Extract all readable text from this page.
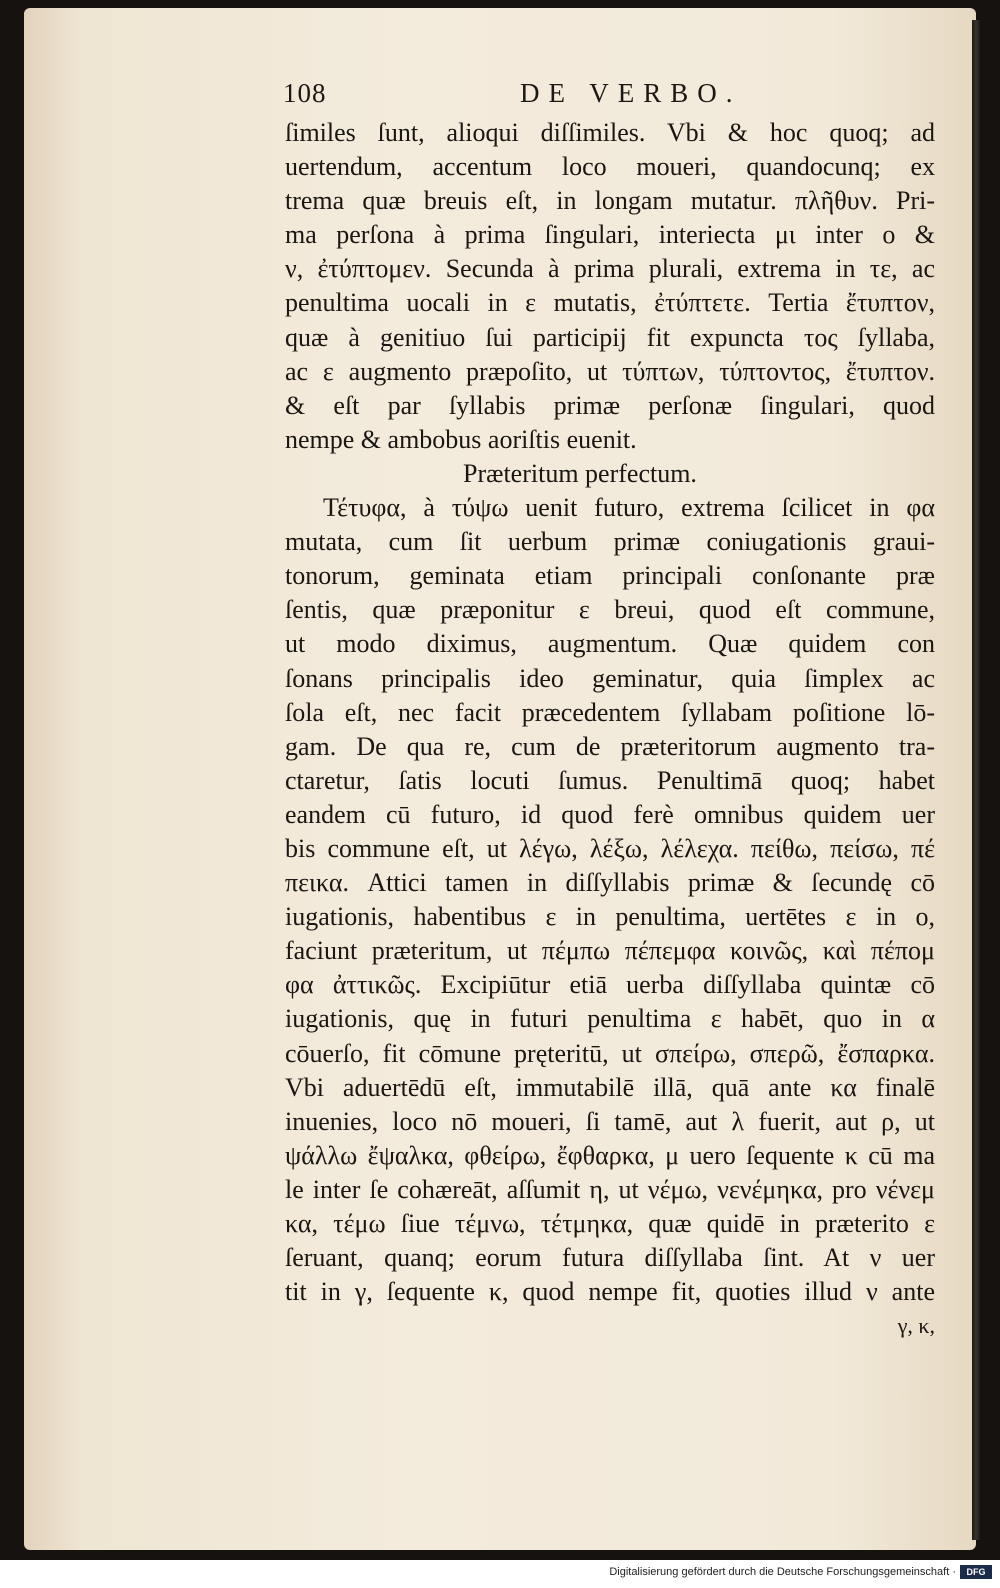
108	DE VERBO.
ſimiles ſunt, alioqui diſſimiles. Vbi & hoc quoq; ad
uertendum, accentum loco moueri, quandocunq; ex
trema quæ breuis eſt, in longam mutatur. πλῆθυν. Pri-
ma perſona à prima ſingulari, interiecta μι inter ο &
ν, ἐτύπτομεν. Secunda à prima plurali, extrema in τε, ac
penultima uocali in ε mutatis, ἐτύπτετε. Tertia ἔτυπτον,
quæ à genitiuo ſui participij fit expuncta τος ſyllaba,
ac ε augmento præpoſito, ut τύπτων, τύπτοντος, ἔτυπτον.
& eſt par ſyllabis primæ perſonæ ſingulari, quod
nempe & ambobus aoriſtis euenit.
Præteritum perfectum.
Τέτυφα, à τύψω uenit futuro, extrema ſcilicet in φα
mutata, cum ſit uerbum primæ coniugationis graui-
tonorum, geminata etiam principali conſonante præ
ſentis, quæ præponitur ε breui, quod eſt commune,
ut modo diximus, augmentum. Quæ quidem con
ſonans principalis ideo geminatur, quia ſimplex ac
ſola eſt, nec facit præcedentem ſyllabam poſitione lō-
gam. De qua re, cum de præteritorum augmento tra-
ctaretur, ſatis locuti ſumus. Penultimā quoq; habet
eandem cū futuro, id quod ferè omnibus quidem uer
bis commune eſt, ut λέγω, λέξω, λέλεχα. πείθω, πείσω, πέ
πεικα. Attici tamen in diſſyllabis primæ & ſecundę cō
iugationis, habentibus ε in penultima, uertētes ε in ο,
faciunt præteritum, ut πέμπω πέπεμφα κοινῶς, καὶ πέπομ
φα ἀττικῶς. Excipiūtur etiā uerba diſſyllaba quintæ cō
iugationis, quę in futuri penultima ε habēt, quo in α
cōuerſo, fit cōmune pręteritū, ut σπείρω, σπερῶ, ἔσπαρκα.
Vbi aduertēdū eſt, immutabilē illā, quā ante κα finalē
inuenies, loco nō moueri, ſi tamē, aut λ fuerit, aut ρ, ut
ψάλλω ἔψαλκα, φθείρω, ἔφθαρκα, μ uero ſequente κ cū ma
le inter ſe cohæreāt, aſſumit η, ut νέμω, νενέμηκα, pro νένεμ
κα, τέμω ſiue τέμνω, τέτμηκα, quæ quidē in præterito ε
ſeruant, quanq; eorum futura diſſyllaba ſint. At ν uer
tit in γ, ſequente κ, quod nempe fit, quoties illud ν ante
γ, κ,
Digitalisierung gefördert durch die Deutsche Forschungsgemeinschaft ·	DFG
